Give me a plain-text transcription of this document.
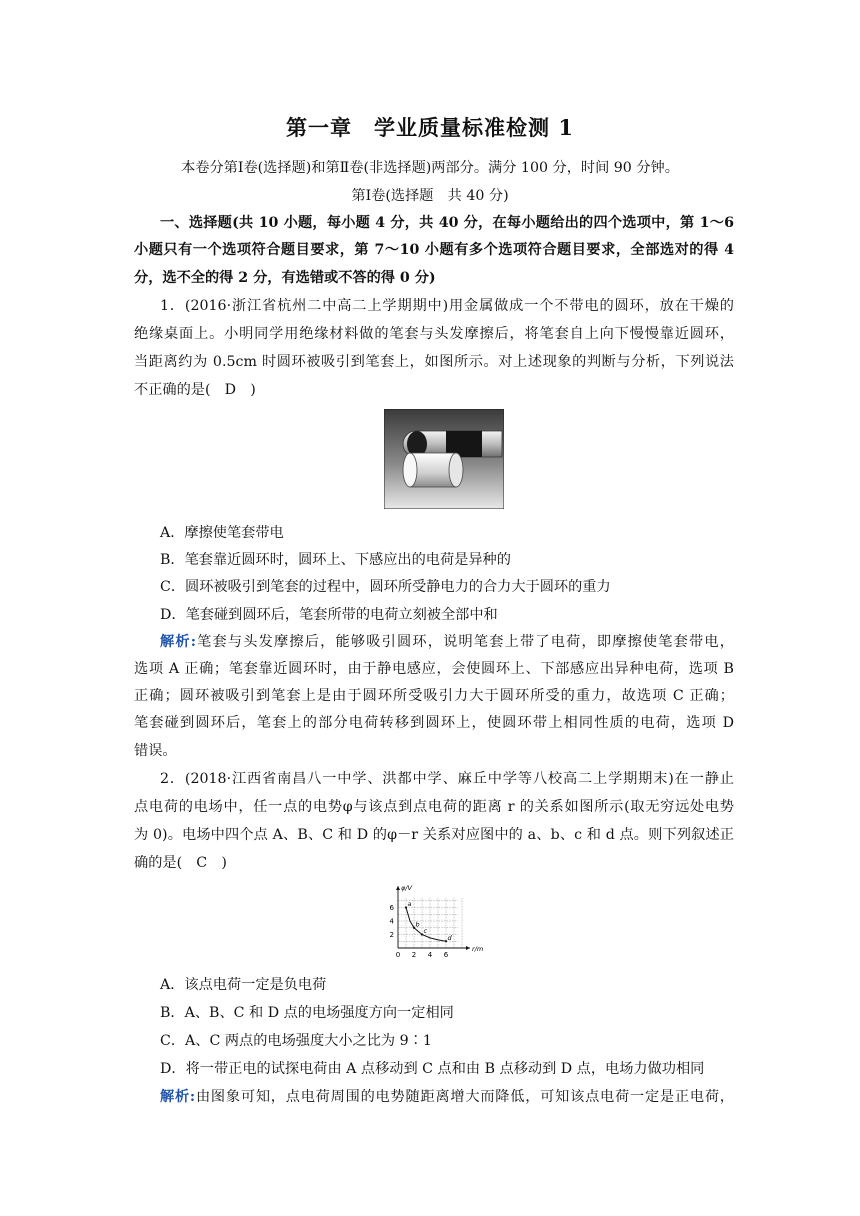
第一章　学业质量标准检测 1
本卷分第Ⅰ卷(选择题)和第Ⅱ卷(非选择题)两部分。满分 100 分，时间 90 分钟。
第Ⅰ卷(选择题　共 40 分)
一、选择题(共 10 小题，每小题 4 分，共 40 分，在每小题给出的四个选项中，第 1～6
小题只有一个选项符合题目要求，第 7～10 小题有多个选项符合题目要求，全部选对的得 4
分，选不全的得 2 分，有选错或不答的得 0 分)
1．(2016·浙江省杭州二中高二上学期期中)用金属做成一个不带电的圆环，放在干燥的
绝缘桌面上。小明同学用绝缘材料做的笔套与头发摩擦后，将笔套自上向下慢慢靠近圆环，
当距离约为 0.5cm 时圆环被吸引到笔套上，如图所示。对上述现象的判断与分析，下列说法
不正确的是(　D　)
A．摩擦使笔套带电
B．笔套靠近圆环时，圆环上、下感应出的电荷是异种的
C．圆环被吸引到笔套的过程中，圆环所受静电力的合力大于圆环的重力
D．笔套碰到圆环后，笔套所带的电荷立刻被全部中和
解析:笔套与头发摩擦后，能够吸引圆环，说明笔套上带了电荷，即摩擦使笔套带电，
选项 A 正确；笔套靠近圆环时，由于静电感应，会使圆环上、下部感应出异种电荷，选项 B
正确；圆环被吸引到笔套上是由于圆环所受吸引力大于圆环所受的重力，故选项 C 正确；
笔套碰到圆环后，笔套上的部分电荷转移到圆环上，使圆环带上相同性质的电荷，选项 D
错误。
2．(2018·江西省南昌八一中学、洪都中学、麻丘中学等八校高二上学期期末)在一静止
点电荷的电场中，任一点的电势φ与该点到点电荷的距离 r 的关系如图所示(取无穷远处电势
为 0)。电场中四个点 A、B、C 和 D 的φ－r 关系对应图中的 a、b、c 和 d 点。则下列叙述正
确的是(　C　)
0 2 4 6
2
4
6
r/m
φ/V
a
b
c
d
A．该点电荷一定是负电荷
B．A、B、C 和 D 点的电场强度方向一定相同
C．A、C 两点的电场强度大小之比为 9∶1
D．将一带正电的试探电荷由 A 点移动到 C 点和由 B 点移动到 D 点，电场力做功相同
解析:由图象可知，点电荷周围的电势随距离增大而降低，可知该点电荷一定是正电荷，
